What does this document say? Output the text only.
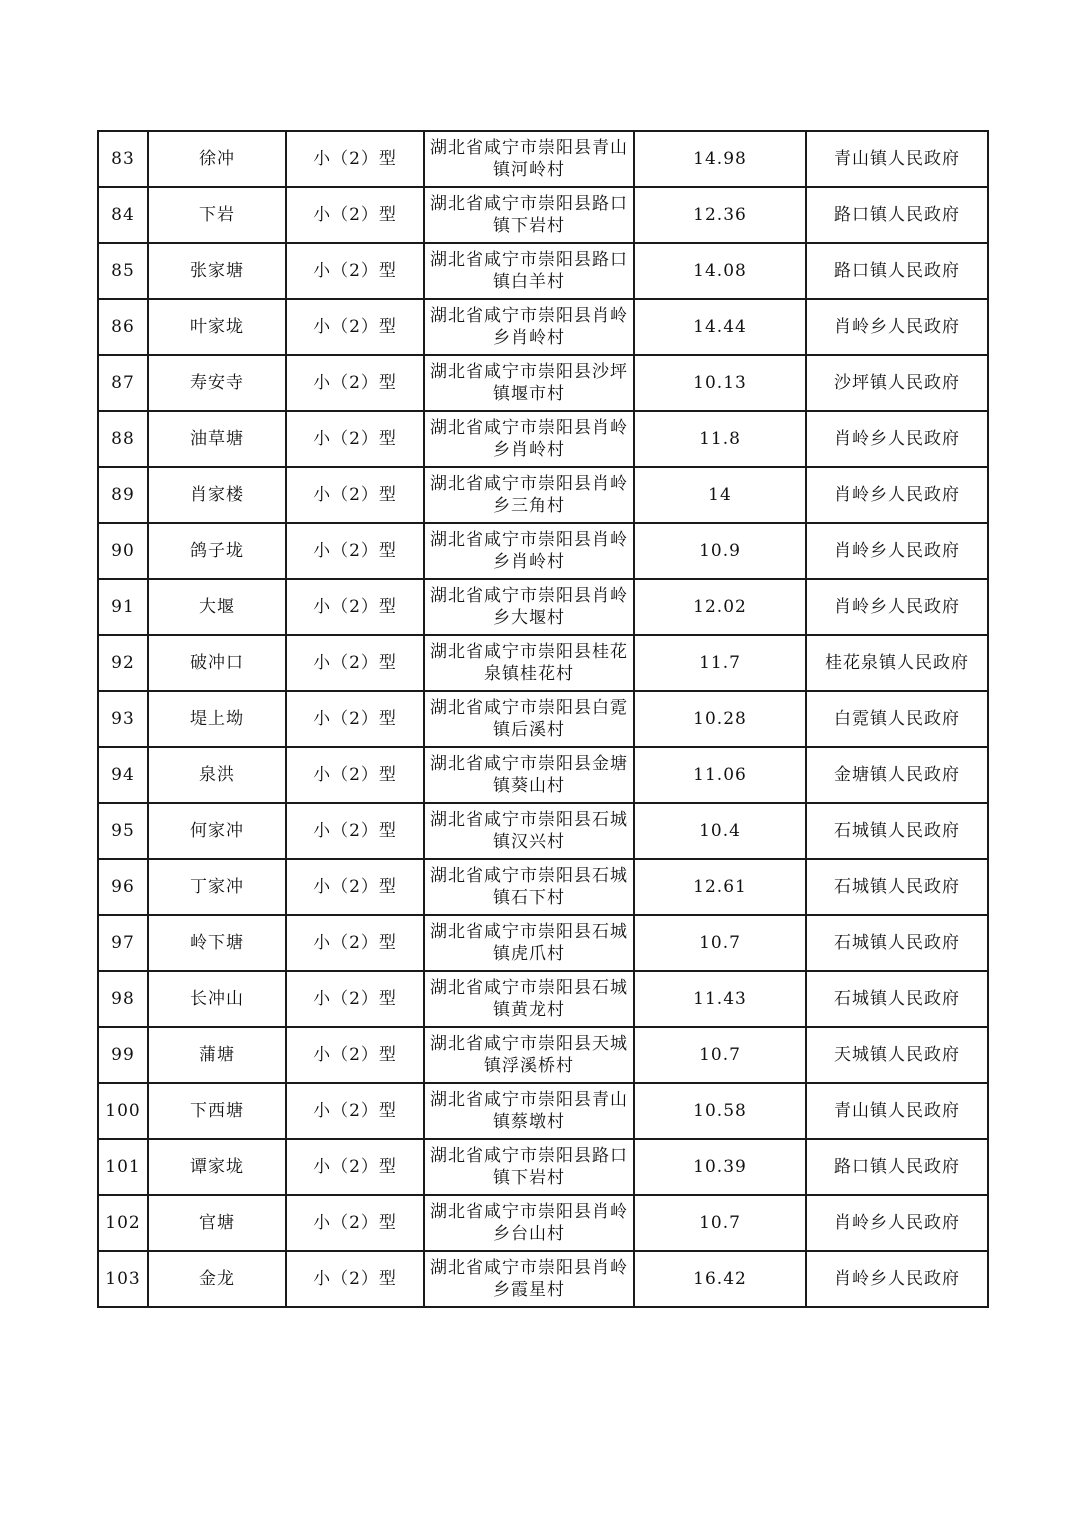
83	徐冲	小（2）型	湖北省咸宁市崇阳县青山镇河岭村	14.98	青山镇人民政府
84	下岩	小（2）型	湖北省咸宁市崇阳县路口镇下岩村	12.36	路口镇人民政府
85	张家塘	小（2）型	湖北省咸宁市崇阳县路口镇白羊村	14.08	路口镇人民政府
86	叶家垅	小（2）型	湖北省咸宁市崇阳县肖岭乡肖岭村	14.44	肖岭乡人民政府
87	寿安寺	小（2）型	湖北省咸宁市崇阳县沙坪镇堰市村	10.13	沙坪镇人民政府
88	油草塘	小（2）型	湖北省咸宁市崇阳县肖岭乡肖岭村	11.8	肖岭乡人民政府
89	肖家楼	小（2）型	湖北省咸宁市崇阳县肖岭乡三角村	14	肖岭乡人民政府
90	鸽子垅	小（2）型	湖北省咸宁市崇阳县肖岭乡肖岭村	10.9	肖岭乡人民政府
91	大堰	小（2）型	湖北省咸宁市崇阳县肖岭乡大堰村	12.02	肖岭乡人民政府
92	破冲口	小（2）型	湖北省咸宁市崇阳县桂花泉镇桂花村	11.7	桂花泉镇人民政府
93	堤上坳	小（2）型	湖北省咸宁市崇阳县白霓镇后溪村	10.28	白霓镇人民政府
94	泉洪	小（2）型	湖北省咸宁市崇阳县金塘镇葵山村	11.06	金塘镇人民政府
95	何家冲	小（2）型	湖北省咸宁市崇阳县石城镇汉兴村	10.4	石城镇人民政府
96	丁家冲	小（2）型	湖北省咸宁市崇阳县石城镇石下村	12.61	石城镇人民政府
97	岭下塘	小（2）型	湖北省咸宁市崇阳县石城镇虎爪村	10.7	石城镇人民政府
98	长冲山	小（2）型	湖北省咸宁市崇阳县石城镇黄龙村	11.43	石城镇人民政府
99	蒲塘	小（2）型	湖北省咸宁市崇阳县天城镇浮溪桥村	10.7	天城镇人民政府
100	下西塘	小（2）型	湖北省咸宁市崇阳县青山镇蔡墩村	10.58	青山镇人民政府
101	谭家垅	小（2）型	湖北省咸宁市崇阳县路口镇下岩村	10.39	路口镇人民政府
102	官塘	小（2）型	湖北省咸宁市崇阳县肖岭乡台山村	10.7	肖岭乡人民政府
103	金龙	小（2）型	湖北省咸宁市崇阳县肖岭乡霞星村	16.42	肖岭乡人民政府
